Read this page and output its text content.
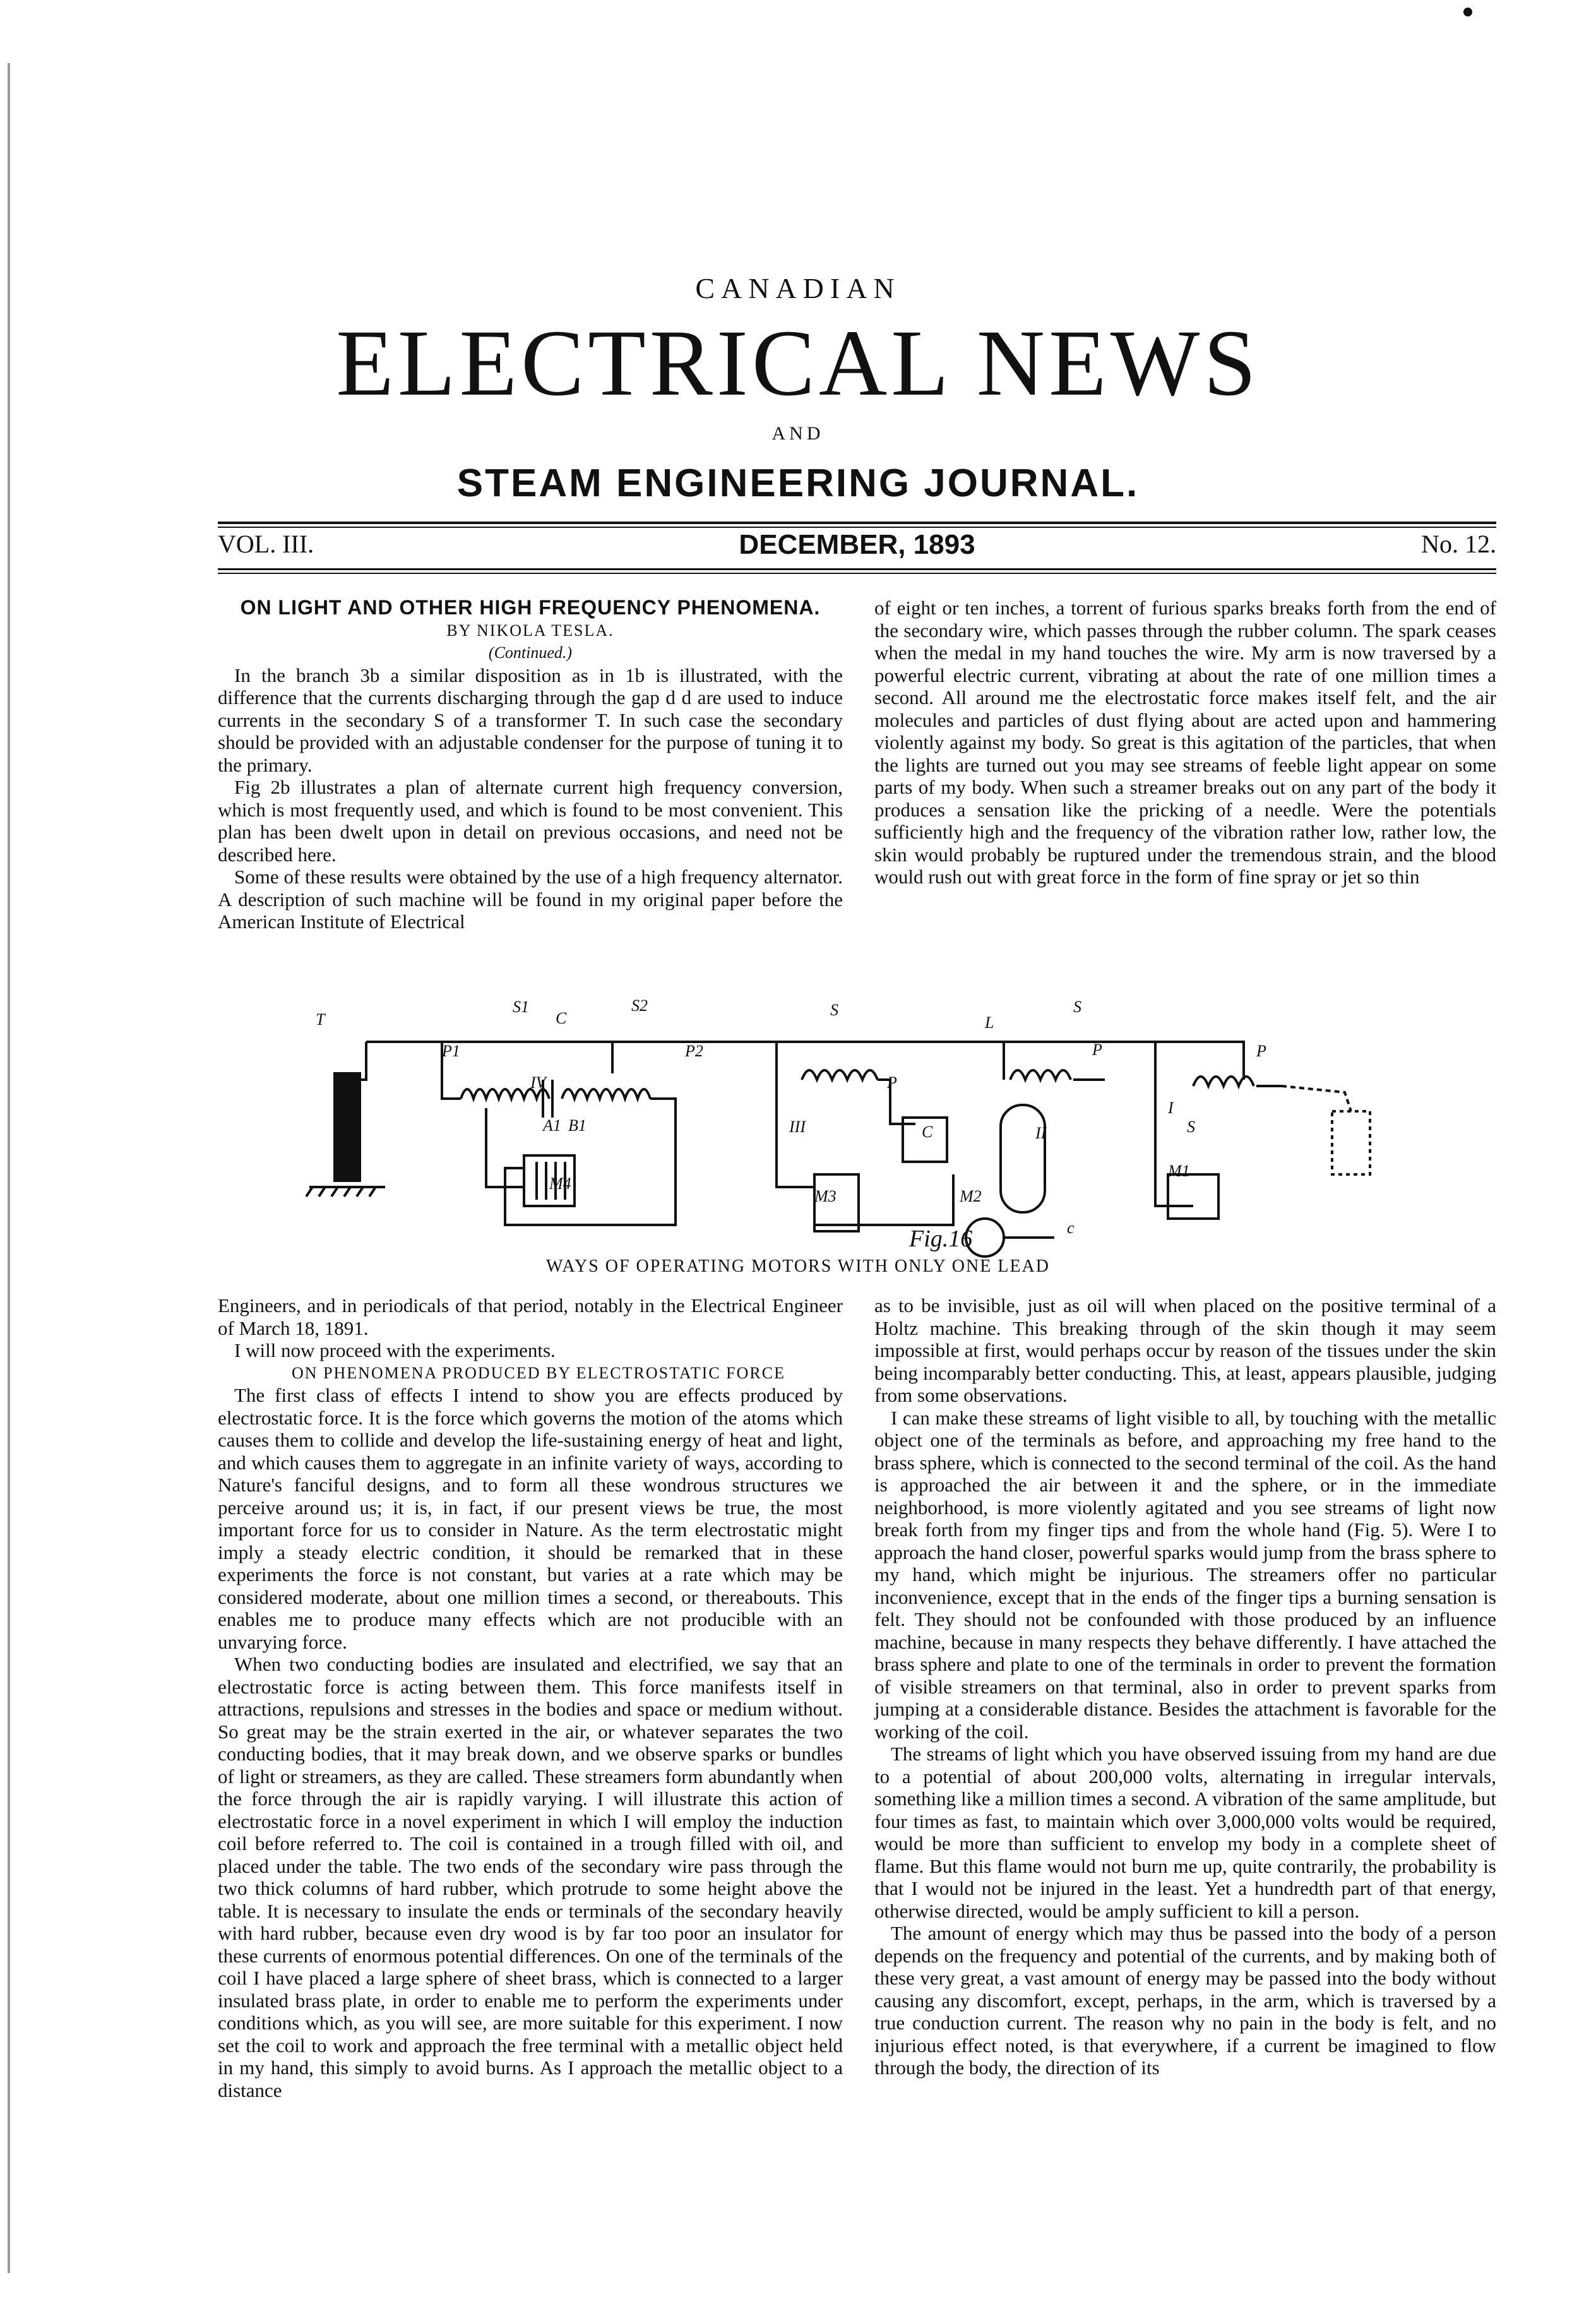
CANADIAN
ELECTRICAL NEWS
AND
STEAM ENGINEERING JOURNAL.
VOL. III.	DECEMBER, 1893	No. 12.
ON LIGHT AND OTHER HIGH FREQUENCY PHENOMENA.
BY NIKOLA TESLA.
(Continued.)

In the branch 3b a similar disposition as in 1b is illustrated, with the difference that the currents discharging through the gap d d are used to induce currents in the secondary S of a transformer T. In such case the secondary should be provided with an adjustable condenser for the purpose of tuning it to the primary.

Fig 2b illustrates a plan of alternate current high frequency conversion, which is most frequently used, and which is found to be most convenient. This plan has been dwelt upon in detail on previous occasions, and need not be described here.

Some of these results were obtained by the use of a high frequency alternator. A description of such machine will be found in my original paper before the American Institute of Electrical

of eight or ten inches, a torrent of furious sparks breaks forth from the end of the secondary wire, which passes through the rubber column. The spark ceases when the medal in my hand touches the wire. My arm is now traversed by a powerful electric current, vibrating at about the rate of one million times a second. All around me the electrostatic force makes itself felt, and the air molecules and particles of dust flying about are acted upon and hammering violently against my body. So great is this agitation of the particles, that when the lights are turned out you may see streams of feeble light appear on some parts of my body. When such a streamer breaks out on any part of the body it produces a sensation like the pricking of a needle. Were the potentials sufficiently high and the frequency of the vibration rather low, rather low, the skin would probably be ruptured under the tremendous strain, and the blood would rush out with great force in the form of fine spray or jet so thin

Fig.16
WAYS OF OPERATING MOTORS WITH ONLY ONE LEAD

Engineers, and in periodicals of that period, notably in the Electrical Engineer of March 18, 1891.

I will now proceed with the experiments.

ON PHENOMENA PRODUCED BY ELECTROSTATIC FORCE

The first class of effects I intend to show you are effects produced by electrostatic force. It is the force which governs the motion of the atoms which causes them to collide and develop the life-sustaining energy of heat and light, and which causes them to aggregate in an infinite variety of ways, according to Nature's fanciful designs, and to form all these wondrous structures we perceive around us; it is, in fact, if our present views be true, the most important force for us to consider in Nature. As the term electrostatic might imply a steady electric condition, it should be remarked that in these experiments the force is not constant, but varies at a rate which may be considered moderate, about one million times a second, or thereabouts. This enables me to produce many effects which are not producible with an unvarying force.

When two conducting bodies are insulated and electrified, we say that an electrostatic force is acting between them. This force manifests itself in attractions, repulsions and stresses in the bodies and space or medium without. So great may be the strain exerted in the air, or whatever separates the two conducting bodies, that it may break down, and we observe sparks or bundles of light or streamers, as they are called. These streamers form abundantly when the force through the air is rapidly varying. I will illustrate this action of electrostatic force in a novel experiment in which I will employ the induction coil before referred to. The coil is contained in a trough filled with oil, and placed under the table. The two ends of the secondary wire pass through the two thick columns of hard rubber, which protrude to some height above the table. It is necessary to insulate the ends or terminals of the secondary heavily with hard rubber, because even dry wood is by far too poor an insulator for these currents of enormous potential differences. On one of the terminals of the coil I have placed a large sphere of sheet brass, which is connected to a larger insulated brass plate, in order to enable me to perform the experiments under conditions which, as you will see, are more suitable for this experiment. I now set the coil to work and approach the free terminal with a metallic object held in my hand, this simply to avoid burns. As I approach the metallic object to a distance

as to be invisible, just as oil will when placed on the positive terminal of a Holtz machine. This breaking through of the skin though it may seem impossible at first, would perhaps occur by reason of the tissues under the skin being incomparably better conducting. This, at least, appears plausible, judging from some observations.

I can make these streams of light visible to all, by touching with the metallic object one of the terminals as before, and approaching my free hand to the brass sphere, which is connected to the second terminal of the coil. As the hand is approached the air between it and the sphere, or in the immediate neighborhood, is more violently agitated and you see streams of light now break forth from my finger tips and from the whole hand (Fig. 5). Were I to approach the hand closer, powerful sparks would jump from the brass sphere to my hand, which might be injurious. The streamers offer no particular inconvenience, except that in the ends of the finger tips a burning sensation is felt. They should not be confounded with those produced by an influence machine, because in many respects they behave differently. I have attached the brass sphere and plate to one of the terminals in order to prevent the formation of visible streamers on that terminal, also in order to prevent sparks from jumping at a considerable distance. Besides the attachment is favorable for the working of the coil.

The streams of light which you have observed issuing from my hand are due to a potential of about 200,000 volts, alternating in irregular intervals, something like a million times a second. A vibration of the same amplitude, but four times as fast, to maintain which over 3,000,000 volts would be required, would be more than sufficient to envelop my body in a complete sheet of flame. But this flame would not burn me up, quite contrarily, the probability is that I would not be injured in the least. Yet a hundredth part of that energy, otherwise directed, would be amply sufficient to kill a person.

The amount of energy which may thus be passed into the body of a person depends on the frequency and potential of the currents, and by making both of these very great, a vast amount of energy may be passed into the body without causing any discomfort, except, perhaps, in the arm, which is traversed by a true conduction current. The reason why no pain in the body is felt, and no injurious effect noted, is that everywhere, if a current be imagined to flow through the body, the direction of its

T
S1
C
S2
P1	P2
IV
A1 B1
M4
S
P
III	C
M3
S
P
II
M2
c
I
S
P
M1
L
